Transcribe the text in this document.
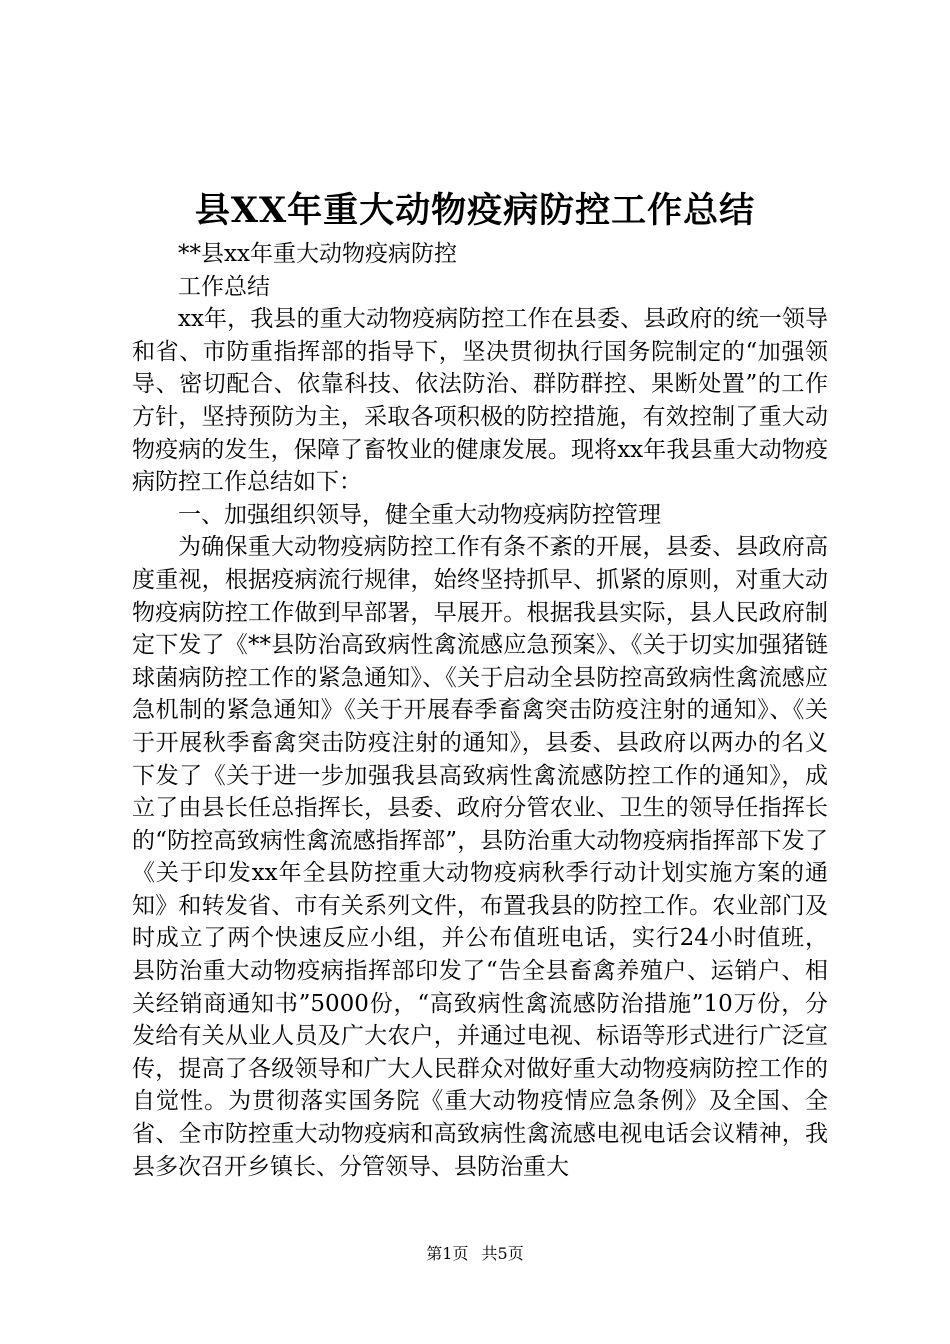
县XX年重大动物疫病防控工作总结

**县xx年重大动物疫病防控

工作总结

xx年，我县的重大动物疫病防控工作在县委、县政府的统一领导和省、市防重指挥部的指导下，坚决贯彻执行国务院制定的“加强领导、密切配合、依靠科技、依法防治、群防群控、果断处置”的工作方针，坚持预防为主，采取各项积极的防控措施，有效控制了重大动物疫病的发生，保障了畜牧业的健康发展。现将xx年我县重大动物疫病防控工作总结如下：

一、加强组织领导，健全重大动物疫病防控管理

为确保重大动物疫病防控工作有条不紊的开展，县委、县政府高度重视，根据疫病流行规律，始终坚持抓早、抓紧的原则，对重大动物疫病防控工作做到早部署，早展开。根据我县实际，县人民政府制定下发了《**县防治高致病性禽流感应急预案》、《关于切实加强猪链球菌病防控工作的紧急通知》、《关于启动全县防控高致病性禽流感应急机制的紧急通知》《关于开展春季畜禽突击防疫注射的通知》、《关于开展秋季畜禽突击防疫注射的通知》，县委、县政府以两办的名义下发了《关于进一步加强我县高致病性禽流感防控工作的通知》，成立了由县长任总指挥长，县委、政府分管农业、卫生的领导任指挥长的“防控高致病性禽流感指挥部”，县防治重大动物疫病指挥部下发了《关于印发xx年全县防控重大动物疫病秋季行动计划实施方案的通知》和转发省、市有关系列文件，布置我县的防控工作。农业部门及时成立了两个快速反应小组，并公布值班电话，实行24小时值班，县防治重大动物疫病指挥部印发了“告全县畜禽养殖户、运销户、相关经销商通知书”5000份，“高致病性禽流感防治措施”10万份，分发给有关从业人员及广大农户，并通过电视、标语等形式进行广泛宣传，提高了各级领导和广大人民群众对做好重大动物疫病防控工作的自觉性。为贯彻落实国务院《重大动物疫情应急条例》及全国、全省、全市防控重大动物疫病和高致病性禽流感电视电话会议精神，我县多次召开乡镇长、分管领导、县防治重大

第1页 共5页
